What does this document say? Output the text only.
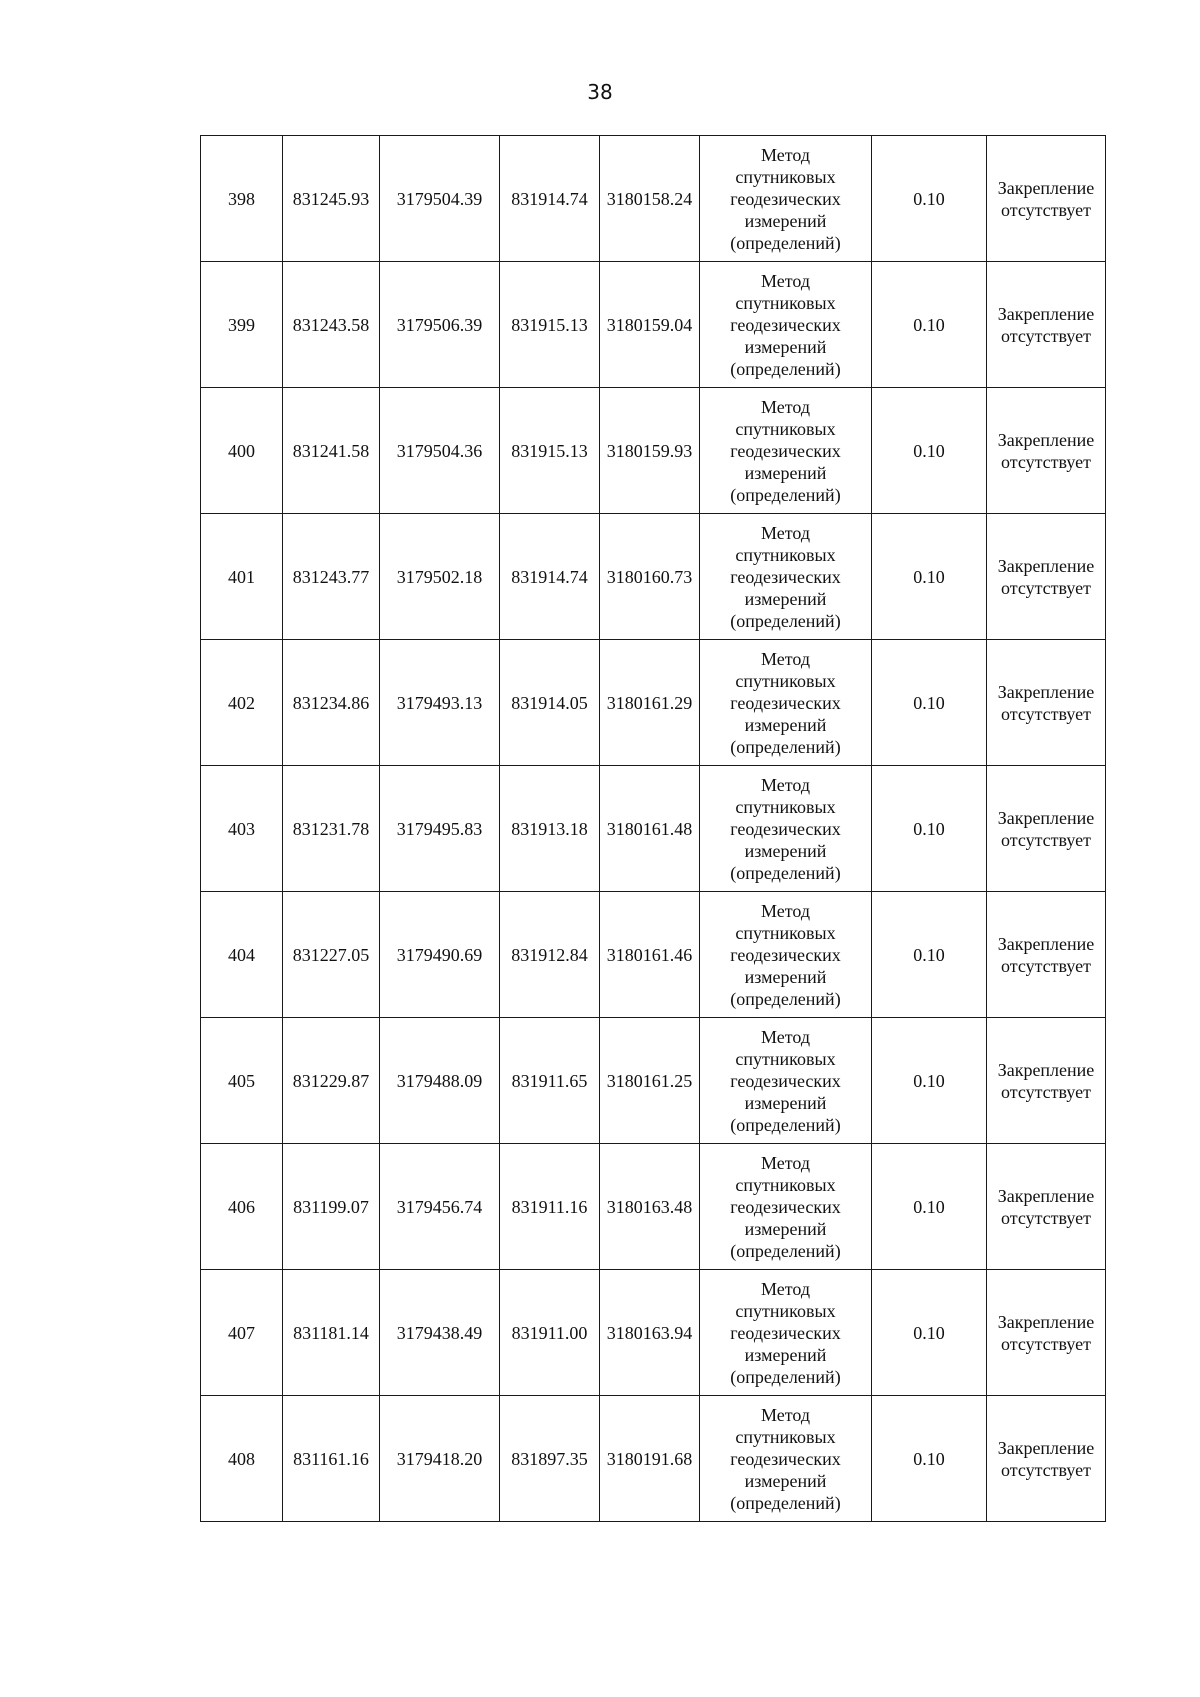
38
398	831245.93	3179504.39	831914.74	3180158.24	Метод
спутниковых
геодезических
измерений
(определений)	0.10	Закрепление
отсутствует

399	831243.58	3179506.39	831915.13	3180159.04	Метод
спутниковых
геодезических
измерений
(определений)	0.10	Закрепление
отсутствует

400	831241.58	3179504.36	831915.13	3180159.93	Метод
спутниковых
геодезических
измерений
(определений)	0.10	Закрепление
отсутствует

401	831243.77	3179502.18	831914.74	3180160.73	Метод
спутниковых
геодезических
измерений
(определений)	0.10	Закрепление
отсутствует

402	831234.86	3179493.13	831914.05	3180161.29	Метод
спутниковых
геодезических
измерений
(определений)	0.10	Закрепление
отсутствует

403	831231.78	3179495.83	831913.18	3180161.48	Метод
спутниковых
геодезических
измерений
(определений)	0.10	Закрепление
отсутствует

404	831227.05	3179490.69	831912.84	3180161.46	Метод
спутниковых
геодезических
измерений
(определений)	0.10	Закрепление
отсутствует

405	831229.87	3179488.09	831911.65	3180161.25	Метод
спутниковых
геодезических
измерений
(определений)	0.10	Закрепление
отсутствует

406	831199.07	3179456.74	831911.16	3180163.48	Метод
спутниковых
геодезических
измерений
(определений)	0.10	Закрепление
отсутствует

407	831181.14	3179438.49	831911.00	3180163.94	Метод
спутниковых
геодезических
измерений
(определений)	0.10	Закрепление
отсутствует

408	831161.16	3179418.20	831897.35	3180191.68	Метод
спутниковых
геодезических
измерений
(определений)	0.10	Закрепление
отсутствует
